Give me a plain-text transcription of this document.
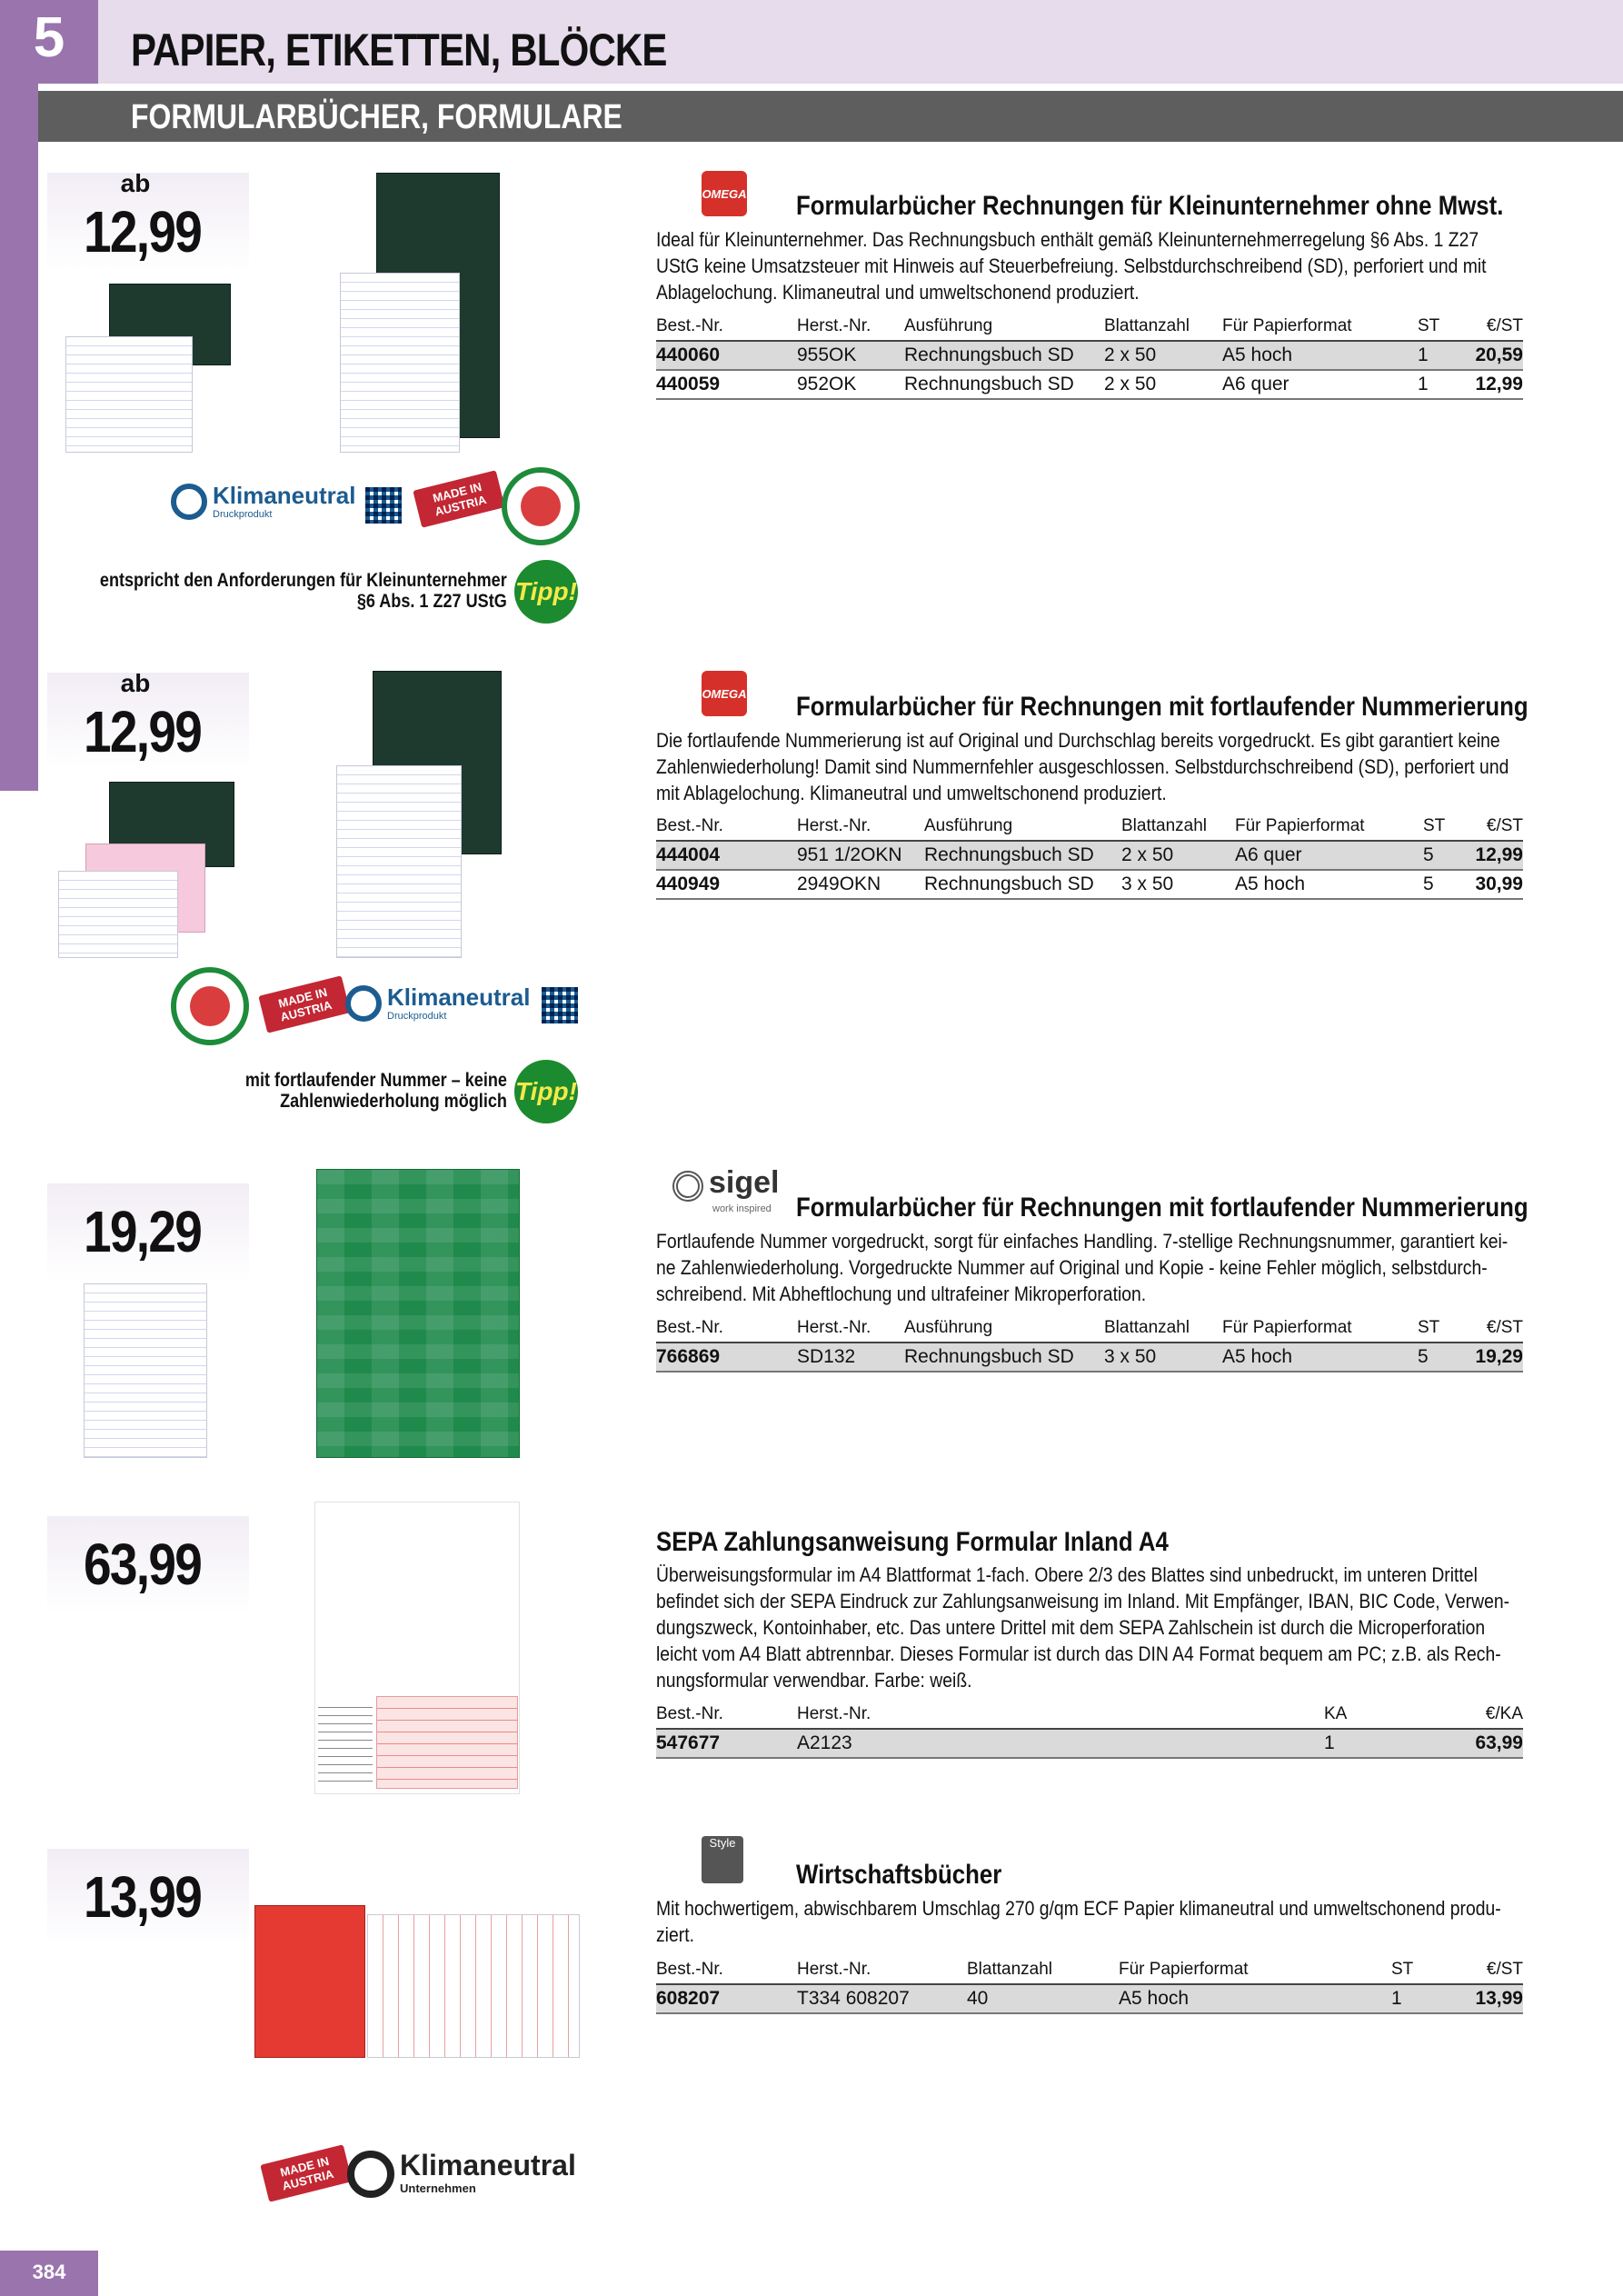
5	PAPIER, ETIKETTEN, BLÖCKE
FORMULARBÜCHER, FORMULARE
ab
12,99
OMEGA Formularbücher Rechnungen für Kleinunternehmer ohne Mwst.
Ideal für Kleinunternehmer. Das Rechnungsbuch enthält gemäß Kleinunternehmerregelung §6 Abs. 1 Z27
UStG keine Umsatzsteuer mit Hinweis auf Steuerbefreiung. Selbstdurchschreibend (SD), perforiert und mit
Ablagelochung. Klimaneutral und umweltschonend produziert.
Best.-Nr.	Herst.-Nr.	Ausführung	Blattanzahl	Für Papierformat	ST	€/ST
440060	955OK	Rechnungsbuch SD	2 x 50	A5 hoch	1	20,59
440059	952OK	Rechnungsbuch SD	2 x 50	A6 quer	1	12,99
Klimaneutral
Druckprodukt
MADE IN AUSTRIA
entspricht den Anforderungen für Kleinunternehmer
§6 Abs. 1 Z27 UStG Tipp!
ab
12,99
OMEGA Formularbücher für Rechnungen mit fortlaufender Nummerierung
Die fortlaufende Nummerierung ist auf Original und Durchschlag bereits vorgedruckt. Es gibt garantiert keine
Zahlenwiederholung! Damit sind Nummernfehler ausgeschlossen. Selbstdurchschreibend (SD), perforiert und
mit Ablagelochung. Klimaneutral und umweltschonend produziert.
Best.-Nr.	Herst.-Nr.	Ausführung	Blattanzahl	Für Papierformat	ST	€/ST
444004	951 1/2OKN	Rechnungsbuch SD	2 x 50	A6 quer	5	12,99
440949	2949OKN	Rechnungsbuch SD	3 x 50	A5 hoch	5	30,99
MADE IN AUSTRIA
Klimaneutral
Druckprodukt
mit fortlaufender Nummer – keine
Zahlenwiederholung möglich Tipp!
19,29
sigel
work inspired Formularbücher für Rechnungen mit fortlaufender Nummerierung
Fortlaufende Nummer vorgedruckt, sorgt für einfaches Handling. 7-stellige Rechnungsnummer, garantiert kei-
ne Zahlenwiederholung. Vorgedruckte Nummer auf Original und Kopie - keine Fehler möglich, selbstdurch-
schreibend. Mit Abheftlochung und ultrafeiner Mikroperforation.
Best.-Nr.	Herst.-Nr.	Ausführung	Blattanzahl	Für Papierformat	ST	€/ST
766869	SD132	Rechnungsbuch SD	3 x 50	A5 hoch	5	19,29
63,99	SEPA Zahlungsanweisung Formular Inland A4
Überweisungsformular im A4 Blattformat 1-fach. Obere 2/3 des Blattes sind unbedruckt, im unteren Drittel
befindet sich der SEPA Eindruck zur Zahlungsanweisung im Inland. Mit Empfänger, IBAN, BIC Code, Verwen-
dungszweck, Kontoinhaber, etc. Das untere Drittel mit dem SEPA Zahlschein ist durch die Microperforation
leicht vom A4 Blatt abtrennbar. Dieses Formular ist durch das DIN A4 Format bequem am PC; z.B. als Rech-
nungsformular verwendbar. Farbe: weiß.
Best.-Nr.	Herst.-Nr.	KA	€/KA
547677	A2123	1	63,99
13,99
Style
Wirtschaftsbücher
Mit hochwertigem, abwischbarem Umschlag 270 g/qm ECF Papier klimaneutral und umweltschonend produ-
ziert.
Best.-Nr.	Herst.-Nr.	Blattanzahl	Für Papierformat	ST	€/ST
608207	T334 608207	40	A5 hoch	1	13,99
MADE IN AUSTRIA	Klimaneutral
Unternehmen
384
